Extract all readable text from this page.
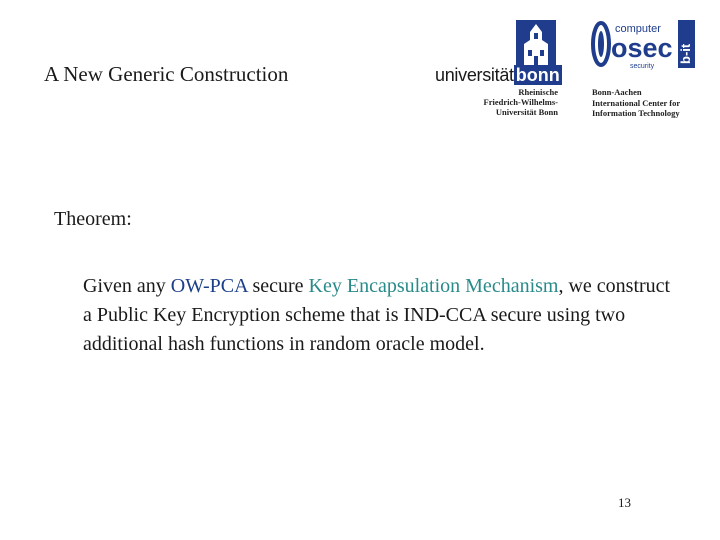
A New Generic Construction	universität bonn
Rheinische
Friedrich-Wilhelms-
Universität Bonn
computer
osec
security
b-it
Bonn-Aachen
International Center for
Information Technology
Theorem:
Given any OW-PCA secure Key Encapsulation Mechanism, we construct a Public Key Encryption scheme that is IND-CCA secure using two additional hash functions in random oracle model.
13
